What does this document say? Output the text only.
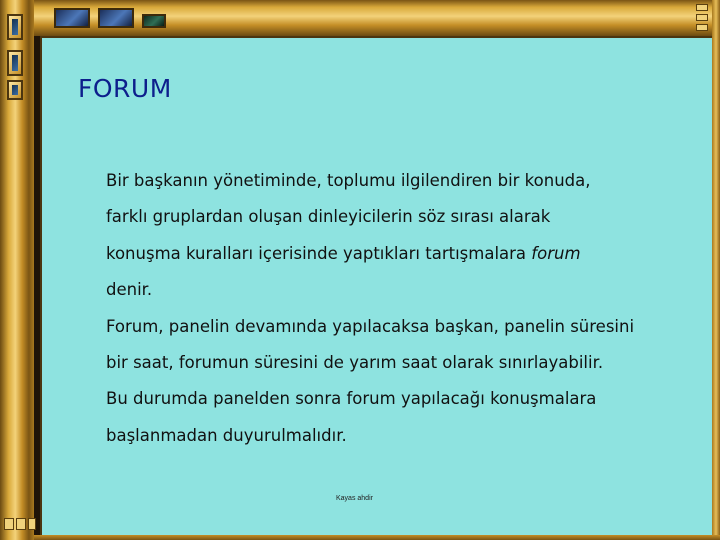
FORUM
Bir başkanın yönetiminde, toplumu ilgilendiren bir konuda,
farklı gruplardan oluşan dinleyicilerin söz sırası alarak
konuşma kuralları içerisinde yaptıkları tartışmalara forum
denir.
Forum, panelin devamında yapılacaksa başkan, panelin süresini
bir saat, forumun süresini de yarım saat olarak sınırlayabilir.
Bu durumda panelden sonra forum yapılacağı konuşmalara
başlanmadan duyurulmalıdır.
Kayas ahdir
